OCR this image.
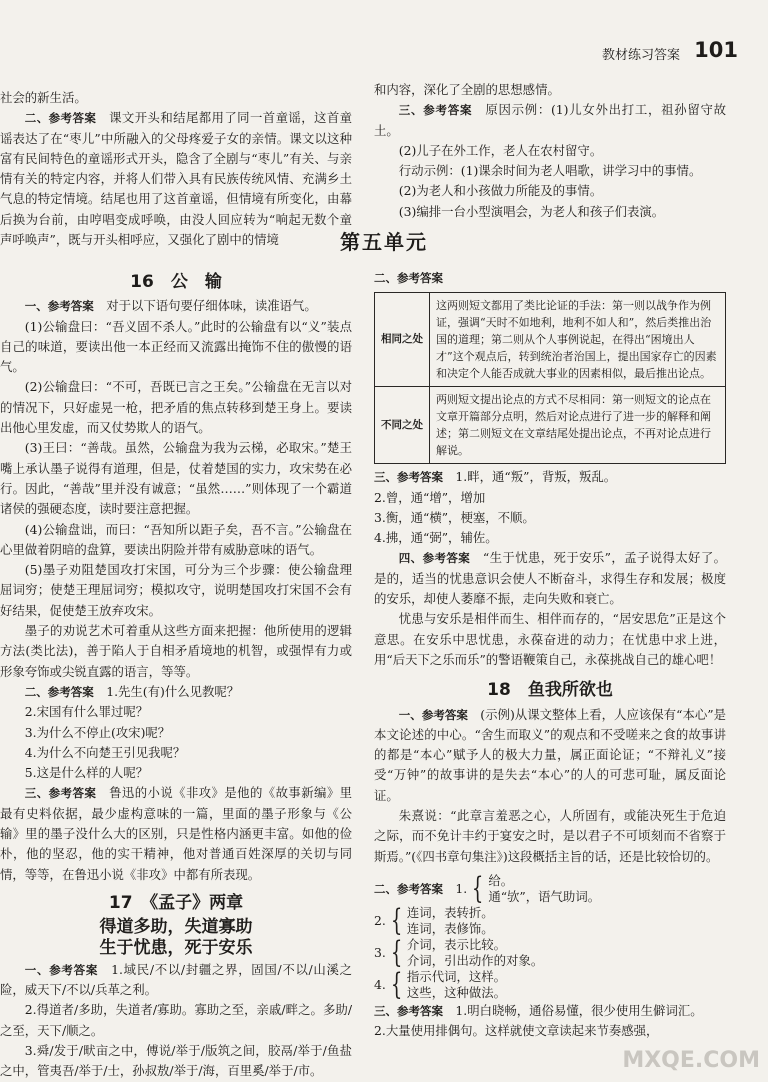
教材练习答案 101

社会的新生活。

二、参考答案　 课文开头和结尾都用了同一首童谣，这首童谣表达了在“枣儿”中所融入的父母疼爱子女的亲情。课文以这种富有民间特色的童谣形式开头，隐含了全剧与“枣儿”有关、与亲情有关的特定内容，并将人们带入具有民族传统风情、充满乡土气息的特定情境。结尾也用了这首童谣，但情境有所变化，由幕后换为台前，由哼唱变成呼唤，由没人回应转为“响起无数个童声呼唤声”，既与开头相呼应，又强化了剧中的情境

和内容，深化了全剧的思想感情。

三、参考答案　 原因示例：(1)儿女外出打工，祖孙留守故土。

(2)儿子在外工作，老人在农村留守。

行动示例：(1)课余时间为老人唱歌，讲学习中的事情。

(2)为老人和小孩做力所能及的事情。

(3)编排一台小型演唱会，为老人和孩子们表演。

第五单元
16　公　输

一、参考答案　 对于以下语句要仔细体味，读准语气。

(1)公输盘曰：“吾义固不杀人。”此时的公输盘有以“义”装点自己的味道，要读出他一本正经而又流露出掩饰不住的傲慢的语气。

(2)公输盘曰：“不可，吾既已言之王矣。”公输盘在无言以对的情况下，只好虚晃一枪，把矛盾的焦点转移到楚王身上。要读出他心里发虚，而又仗势欺人的语气。

(3)王曰：“善哉。虽然，公输盘为我为云梯，必取宋。”楚王嘴上承认墨子说得有道理，但是，仗着楚国的实力，攻宋势在必行。因此，“善哉”里并没有诚意；“虽然……”则体现了一个霸道诸侯的强硬态度，读时要注意把握。

(4)公输盘诎，而曰：“吾知所以距子矣，吾不言。”公输盘在心里做着阴暗的盘算，要读出阴险并带有威胁意味的语气。

(5)墨子劝阻楚国攻打宋国，可分为三个步骤：使公输盘理屈词穷；使楚王理屈词穷；模拟攻守，说明楚国攻打宋国不会有好结果，促使楚王放弃攻宋。

墨子的劝说艺术可着重从这些方面来把握：他所使用的逻辑方法(类比法)，善于陷人于自相矛盾境地的机智，或强悍有力或形象夸饰或尖锐直露的语言，等等。

二、参考答案　 1.先生(有)什么见教呢？

2.宋国有什么罪过呢？

3.为什么不停止(攻宋)呢？

4.为什么不向楚王引见我呢？

5.这是什么样的人呢？

三、参考答案　 鲁迅的小说《非攻》是他的《故事新编》里最有史料依据，最少虚构意味的一篇，里面的墨子形象与《公输》里的墨子没什么大的区别，只是性格内涵更丰富。如他的俭朴，他的坚忍，他的实干精神，他对普通百姓深厚的关切与同情，等等，在鲁迅小说《非攻》中都有所表现。

17　《孟子》两章
得道多助，失道寡助
生于忧患，死于安乐

一、参考答案　 1.域民/不以/封疆之界，固国/不以/山溪之险，威天下/不以/兵革之利。

2.得道者/多助，失道者/寡助。寡助之至，亲戚/畔之。多助/之至，天下/顺之。

3.舜/发于/畎亩之中，傅说/举于/版筑之间，胶鬲/举于/鱼盐之中，管夷吾/举于/士，孙叔敖/举于/海，百里奚/举于/市。

二、参考答案

相同之处	这两则短文都用了类比论证的手法：第一则以战争作为例证，强调“天时不如地利，地利不如人和”，然后类推出治国的道理；第二则从个人事例说起，在得出“困境出人才”这个观点后，转到统治者治国上，提出国家存亡的因素和决定个人能否成就大事业的因素相似，最后推出论点。
不同之处	两则短文提出论点的方式不尽相同：第一则短文的论点在文章开篇部分点明，然后对论点进行了进一步的解释和阐述；第二则短文在文章结尾处提出论点，不再对论点进行解说。

三、参考答案　 1.畔，通“叛”，背叛，叛乱。

2.曾，通“增”，增加

3.衡，通“横”，梗塞，不顺。

4.拂，通“弼”，辅佐。

四、参考答案　 “生于忧患，死于安乐”，孟子说得太好了。是的，适当的忧患意识会使人不断奋斗，求得生存和发展；极度的安乐，却使人萎靡不振，走向失败和衰亡。

忧患与安乐是相伴而生、相伴而存的，“居安思危”正是这个意思。在安乐中思忧患，永葆奋进的动力；在忧患中求上进，用“后天下之乐而乐”的警语鞭策自己，永葆挑战自己的雄心吧！

18　鱼我所欲也

一、参考答案　 (示例)从课文整体上看，人应该保有“本心”是本文论述的中心。“舍生而取义”的观点和不受嗟来之食的故事讲的都是“本心”赋予人的极大力量，属正面论证；“不辩礼义”接受“万钟”的故事讲的是失去“本心”的人的可悲可耻，属反面论证。

朱熹说：“此章言羞恶之心，人所固有，或能决死生于危迫之际，而不免计丰约于宴安之时，是以君子不可顷刻而不省察于斯焉。”(《四书章句集注》)这段概括主旨的话，还是比较恰切的。

二、参考答案
　 1. { 给。
通“欤”，语气助词。
2. { 连词，表转折。
连词，表修饰。
3. { 介词，表示比较。
介词，引出动作的对象。
4. { 指示代词，这样。
这些，这种做法。

三、参考答案　 1.明白晓畅，通俗易懂，很少使用生僻词汇。

2.大量使用排偶句。这样就使文章读起来节奏感强，

MXQE.COM
